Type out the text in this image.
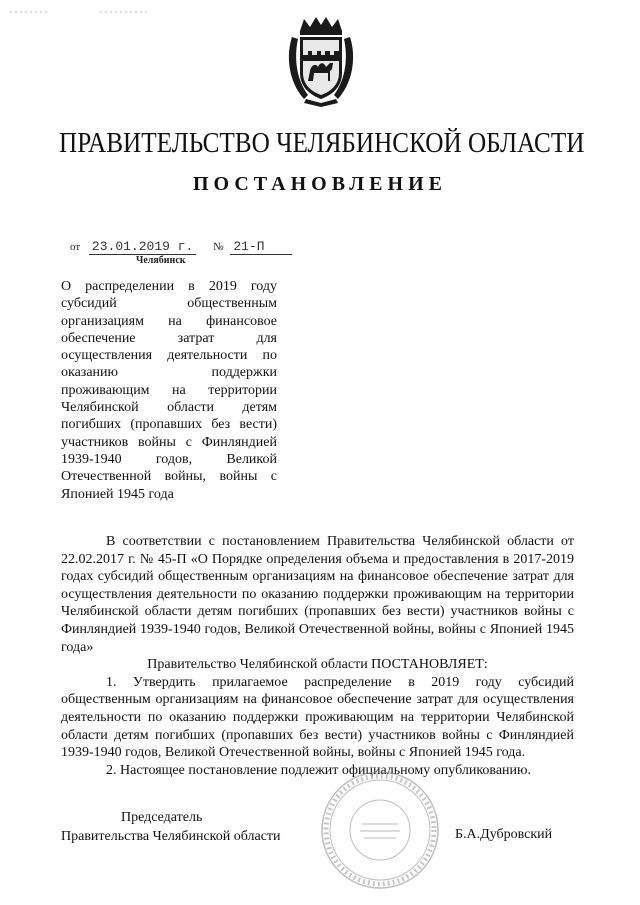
ПРАВИТЕЛЬСТВО ЧЕЛЯБИНСКОЙ ОБЛАСТИ
ПОСТАНОВЛЕНИЕ
от 23.01.2019 г. № 21-П
Челябинск
О распределении в 2019 году субсидий общественным организациям на финансовое обеспечение затрат для осуществления деятельности по оказанию поддержки проживающим на территории Челябинской области детям погибших (пропавших без вести) участников войны с Финляндией 1939-1940 годов, Великой Отечественной войны, войны с Японией 1945 года

В соответствии с постановлением Правительства Челябинской области от 22.02.2017 г. № 45-П «О Порядке определения объема и предоставления в 2017-2019 годах субсидий общественным организациям на финансовое обеспечение затрат для осуществления деятельности по оказанию поддержки проживающим на территории Челябинской области детям погибших (пропавших без вести) участников войны с Финляндией 1939-1940 годов, Великой Отечественной войны, войны с Японией 1945 года»

Правительство Челябинской области ПОСТАНОВЛЯЕТ:

1. Утвердить прилагаемое распределение в 2019 году субсидий общественным организациям на финансовое обеспечение затрат для осуществления деятельности по оказанию поддержки проживающим на территории Челябинской области детям погибших (пропавших без вести) участников войны с Финляндией 1939-1940 годов, Великой Отечественной войны, войны с Японией 1945 года.

2. Настоящее постановление подлежит официальному опубликованию.

Председатель
Правительства Челябинской области	Б.А.Дубровский
